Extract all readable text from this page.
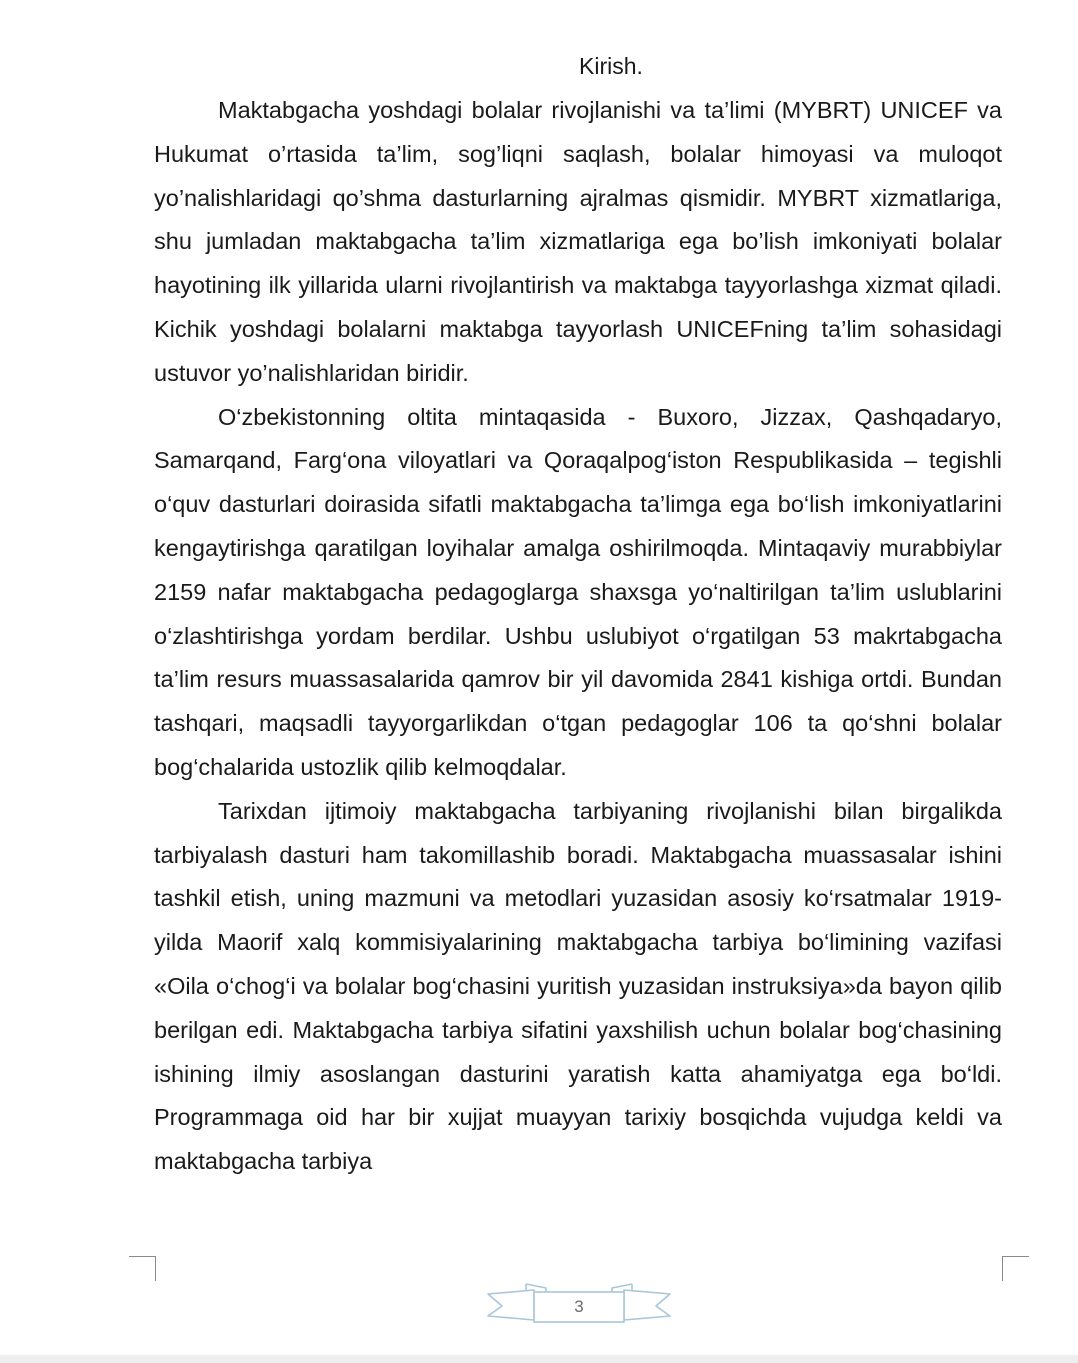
Kirish.

Maktabgacha yoshdagi bolalar rivojlanishi va ta’limi (MYBRT) UNICEF va Hukumat o’rtasida ta’lim, sog’liqni saqlash, bolalar himoyasi va muloqot yo’nalishlaridagi qo’shma dasturlarning ajralmas qismidir. MYBRT xizmatlariga, shu jumladan maktabgacha ta’lim xizmatlariga ega bo’lish imkoniyati bolalar hayotining ilk yillarida ularni rivojlantirish va maktabga tayyorlashga xizmat qiladi. Kichik yoshdagi bolalarni maktabga tayyorlash UNICEFning ta’lim sohasidagi ustuvor yo’nalishlaridan biridir.

O‘zbekistonning oltita mintaqasida - Buxoro, Jizzax, Qashqadaryo, Samarqand, Farg‘ona viloyatlari va Qoraqalpog‘iston Respublikasida – tegishli o‘quv dasturlari doirasida sifatli maktabgacha ta’limga ega bo‘lish imkoniyatlarini kengaytirishga qaratilgan loyihalar amalga oshirilmoqda. Mintaqaviy murabbiylar 2159 nafar maktabgacha pedagoglarga shaxsga yo‘naltirilgan ta’lim uslublarini o‘zlashtirishga yordam berdilar. Ushbu uslubiyot o‘rgatilgan 53 makrtabgacha ta’lim resurs muassasalarida qamrov bir yil davomida 2841 kishiga ortdi. Bundan tashqari, maqsadli tayyorgarlikdan o‘tgan pedagoglar 106 ta qo‘shni bolalar bog‘chalarida ustozlik qilib kelmoqdalar.

Tarixdan ijtimoiy maktabgacha tarbiyaning rivojlanishi bilan birgalikda tarbiyalash dasturi ham takomillashib boradi. Maktabgacha muassasalar ishini tashkil etish, uning mazmuni va metodlari yuzasidan asosiy ko‘rsatmalar 1919- yilda Maorif xalq kommisiyalarining maktabgacha tarbiya bo‘limining vazifasi «Oila o‘chog‘i va bolalar bog‘chasini yuritish yuzasidan instruksiya»da bayon qilib berilgan edi. Maktabgacha tarbiya sifatini yaxshilish uchun bolalar bog‘chasining ishining ilmiy asoslangan dasturini yaratish katta ahamiyatga ega bo‘ldi. Programmaga oid har bir xujjat muayyan tarixiy bosqichda vujudga keldi va maktabgacha tarbiya

3
